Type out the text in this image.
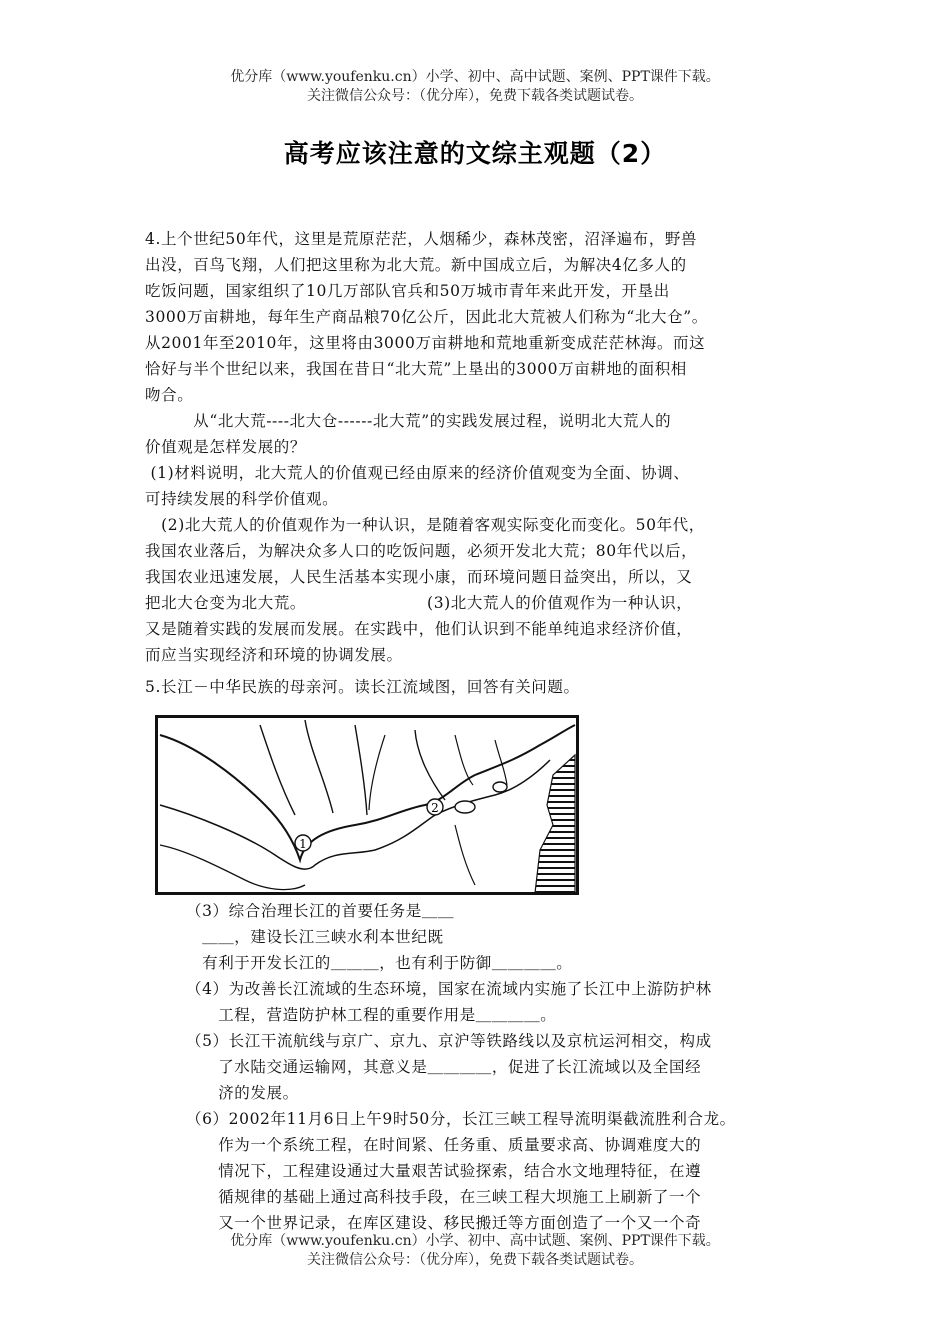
优分库（www.youfenku.cn）小学、初中、高中试题、案例、PPT课件下载。
关注微信公众号：（优分库），免费下载各类试题试卷。
高考应该注意的文综主观题（2）

4.上个世纪50年代，这里是荒原茫茫，人烟稀少，森林茂密，沼泽遍布，野兽

出没，百鸟飞翔，人们把这里称为北大荒。新中国成立后，为解决4亿多人的

吃饭问题，国家组织了10几万部队官兵和50万城市青年来此开发，开垦出

3000万亩耕地，每年生产商品粮70亿公斤，因此北大荒被人们称为“北大仓”。

从2001年至2010年，这里将由3000万亩耕地和荒地重新变成茫茫林海。而这

恰好与半个世纪以来，我国在昔日“北大荒”上垦出的3000万亩耕地的面积相

吻合。

　　　从“北大荒----北大仓------北大荒”的实践发展过程，说明北大荒人的

价值观是怎样发展的？

(1)材料说明，北大荒人的价值观已经由原来的经济价值观变为全面、协调、

可持续发展的科学价值观。

　(2)北大荒人的价值观作为一种认识，是随着客观实际变化而变化。50年代，

我国农业落后，为解决众多人口的吃饭问题，必须开发北大荒；80年代以后，

我国农业迅速发展，人民生活基本实现小康，而环境问题日益突出，所以，又

把北大仓变为北大荒。　　　　　　　　(3)北大荒人的价值观作为一种认识，

又是随着实践的发展而发展。在实践中，他们认识到不能单纯追求经济价值，

而应当实现经济和环境的协调发展。

5.长江－中华民族的母亲河。读长江流域图，回答有关问题。

1
2

（3）综合治理长江的首要任务是＿＿

　＿＿，建设长江三峡水利本世纪既

　有利于开发长江的＿＿＿，也有利于防御＿＿＿＿。

（4）为改善长江流域的生态环境，国家在流域内实施了长江中上游防护林

　　工程，营造防护林工程的重要作用是＿＿＿＿。

（5）长江干流航线与京广、京九、京沪等铁路线以及京杭运河相交，构成

　　了水陆交通运输网，其意义是＿＿＿＿，促进了长江流域以及全国经

　　济的发展。

（6）2002年11月6日上午9时50分，长江三峡工程导流明渠截流胜利合龙。

　　作为一个系统工程，在时间紧、任务重、质量要求高、协调难度大的

　　情况下，工程建设通过大量艰苦试验探索，结合水文地理特征，在遵

　　循规律的基础上通过高科技手段，在三峡工程大坝施工上刷新了一个

　　又一个世界记录，在库区建设、移民搬迁等方面创造了一个又一个奇

优分库（www.youfenku.cn）小学、初中、高中试题、案例、PPT课件下载。
关注微信公众号：（优分库），免费下载各类试题试卷。
